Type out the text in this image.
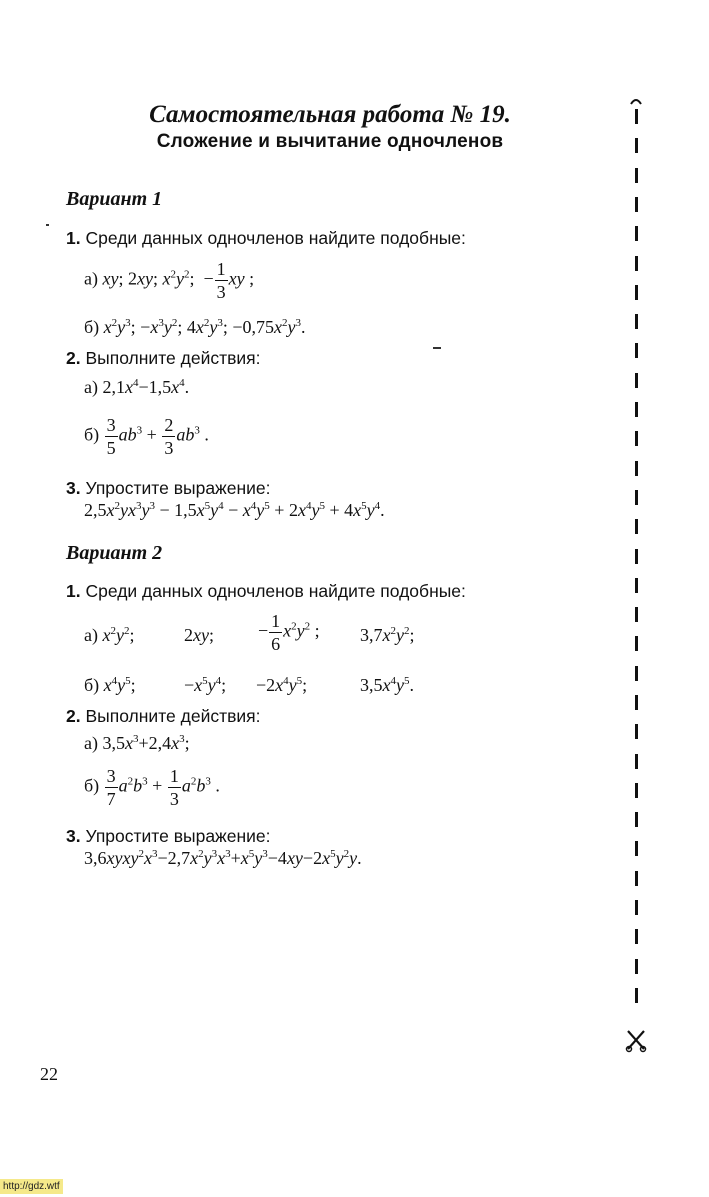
Самостоятельная работа № 19.
Сложение и вычитание одночленов
Вариант 1
1. Среди данных одночленов найдите подобные:
а) xy; 2xy; $x^2y^2$;  − $\frac{1}{3}$ xy ;
б) $x^2y^3$; $-x^3y^2$; $4x^2y^3$; $-0,75x^2y^3$.
2. Выполните действия:
а) $2,1x^4-1,5x^4$.
$б) \frac{3}{5} ab^3 + \frac{2}{3} ab^3$ .
3. Упростите выражение:
$2,5x^2yx^3y^3 - 1,5x^5y^4 - x^4y^5 + 2x^4y^5 + 4x^5y^4$.
Вариант 2
1. Среди данных одночленов найдите подобные:
а) $x^2y^2$;	2xy; − $\frac{1}{6} x^2y^2$ ; $3,7x^2y^2$;
б) $x^4y^5$;	$-x^5y^4$; $-2x^4y^5$;	$3,5x^4y^5$.
2. Выполните действия:
а) $3,5x^3+2,4x^3$;
$б) \frac{3}{7} a^2b^3 + \frac{1}{3} a^2b^3$ .
3. Упростите выражение:
$3,6xyxy^2x^3-2,7x^2y^3x^3+x^5y^3-4xy-2x^5y^2y$.
22
http://gdz.wtf
